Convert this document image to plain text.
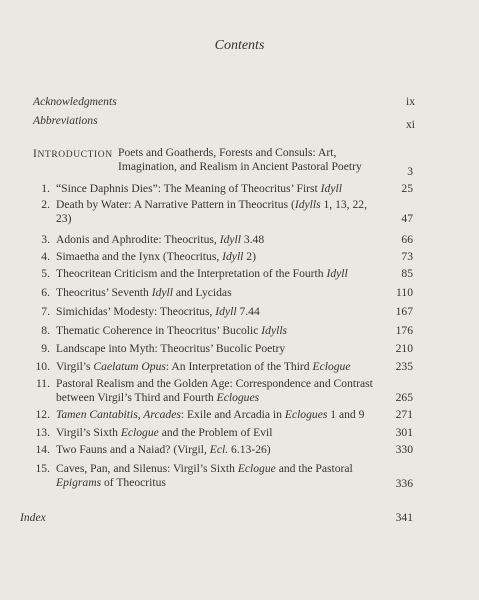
Contents
Acknowledgments	ix
Abbreviations	xi
INTRODUCTION Poets and Goatherds, Forests and Consuls: Art, Imagination, and Realism in Ancient Pastoral Poetry	3
1. “Since Daphnis Dies”: The Meaning of Theocritus’ First Idyll	25
2. Death by Water: A Narrative Pattern in Theocritus (Idylls 1, 13, 22, 23)	47
3. Adonis and Aphrodite: Theocritus, Idyll 3.48	66
4. Simaetha and the Iynx (Theocritus, Idyll 2)	73
5. Theocritean Criticism and the Interpretation of the Fourth Idyll	85
6. Theocritus’ Seventh Idyll and Lycidas	110
7. Simichidas’ Modesty: Theocritus, Idyll 7.44	167
8. Thematic Coherence in Theocritus’ Bucolic Idylls	176
9. Landscape into Myth: Theocritus’ Bucolic Poetry	210
10. Virgil’s Caelatum Opus: An Interpretation of the Third Eclogue	235
11. Pastoral Realism and the Golden Age: Correspondence and Contrast between Virgil’s Third and Fourth Eclogues	265
12. Tamen Cantabitis, Arcades: Exile and Arcadia in Eclogues 1 and 9	271
13. Virgil’s Sixth Eclogue and the Problem of Evil	301
14. Two Fauns and a Naiad? (Virgil, Ecl. 6.13-26)	330
15. Caves, Pan, and Silenus: Virgil’s Sixth Eclogue and the Pastoral Epigrams of Theocritus	336
Index	341
